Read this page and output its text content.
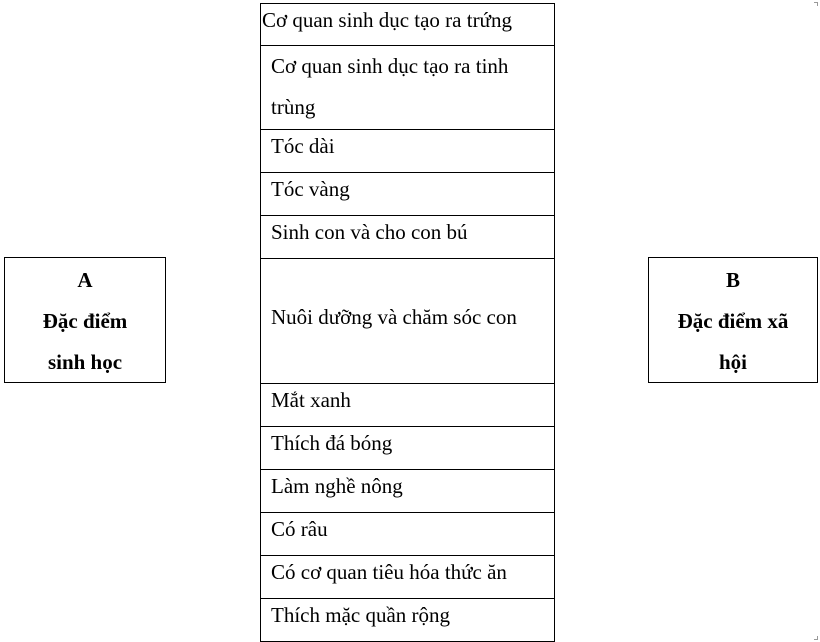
A
Đặc điểm
sinh học
Cơ quan sinh dục tạo ra trứng
Cơ quan sinh dục tạo ra tinh trùng
Tóc dài
Tóc vàng
Sinh con và cho con bú
Nuôi dưỡng và chăm sóc con
Mắt xanh
Thích đá bóng
Làm nghề nông
Có râu
Có cơ quan tiêu hóa thức ăn
Thích mặc quần rộng
B
Đặc điểm xã
hội
